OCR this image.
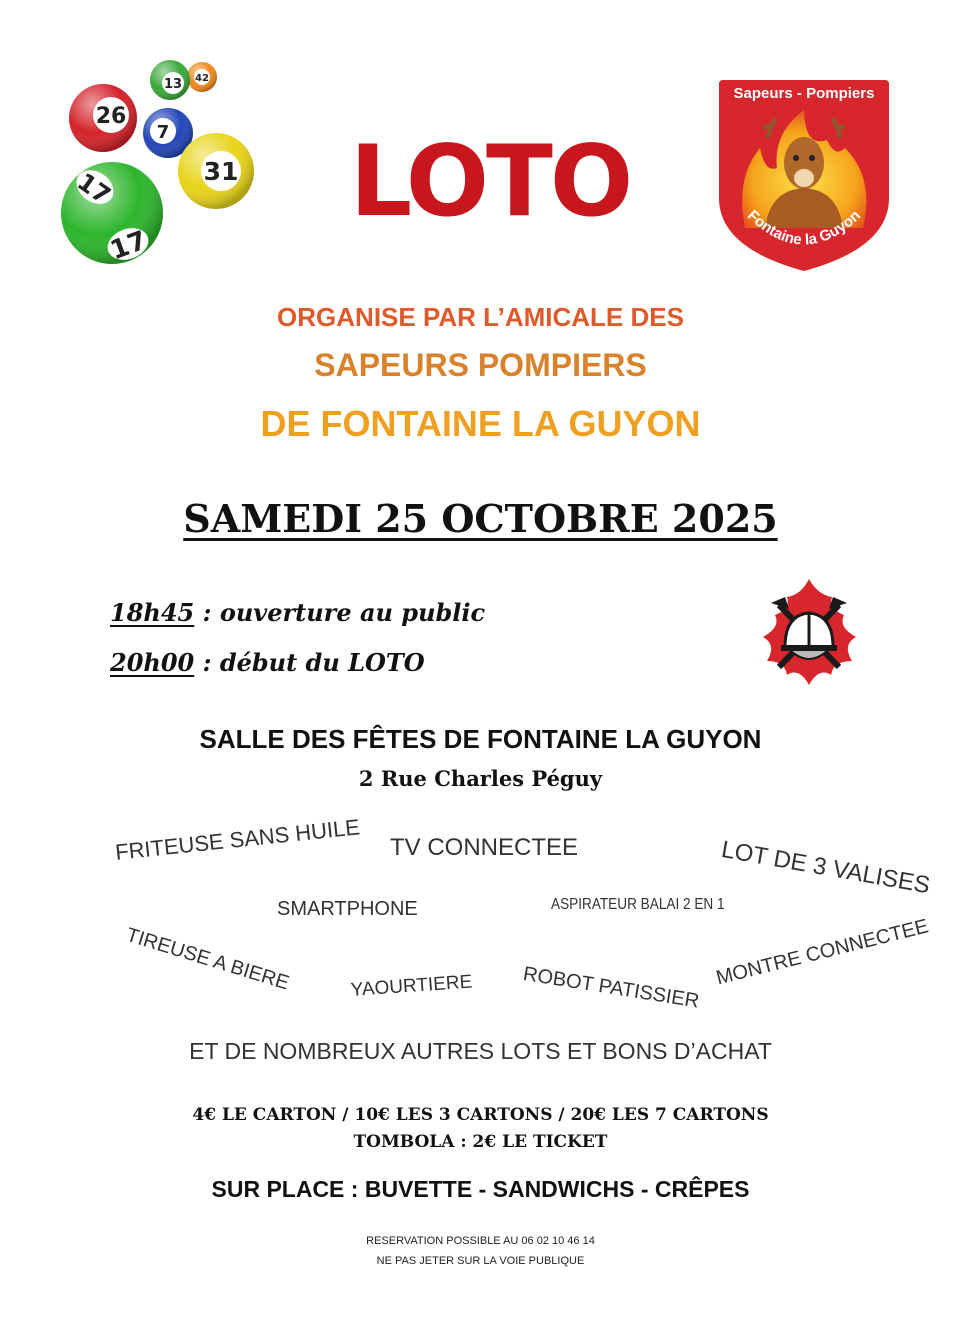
42
13
26
7
31
17
17
LOTO
Sapeurs - Pompiers
Fontaine la Guyon
ORGANISE PAR L’AMICALE DES
SAPEURS POMPIERS
DE FONTAINE LA GUYON
SAMEDI 25 OCTOBRE 2025
18h45 : ouverture au public
20h00 : début du LOTO
SALLE DES FÊTES DE FONTAINE LA GUYON
2 Rue Charles Péguy
FRITEUSE SANS HUILE TV CONNECTEE	LOT DE 3 VALISES
SMARTPHONE	ASPIRATEUR BALAI 2 EN 1
TIREUSE A BIERE	YAOURTIERE ROBOT PATISSIER MONTRE CONNECTEE
ET DE NOMBREUX AUTRES LOTS ET BONS D’ACHAT
4€ LE CARTON / 10€ LES 3 CARTONS / 20€ LES 7 CARTONS
TOMBOLA : 2€ LE TICKET
SUR PLACE : BUVETTE - SANDWICHS - CRÊPES
RESERVATION POSSIBLE AU 06 02 10 46 14
NE PAS JETER SUR LA VOIE PUBLIQUE
